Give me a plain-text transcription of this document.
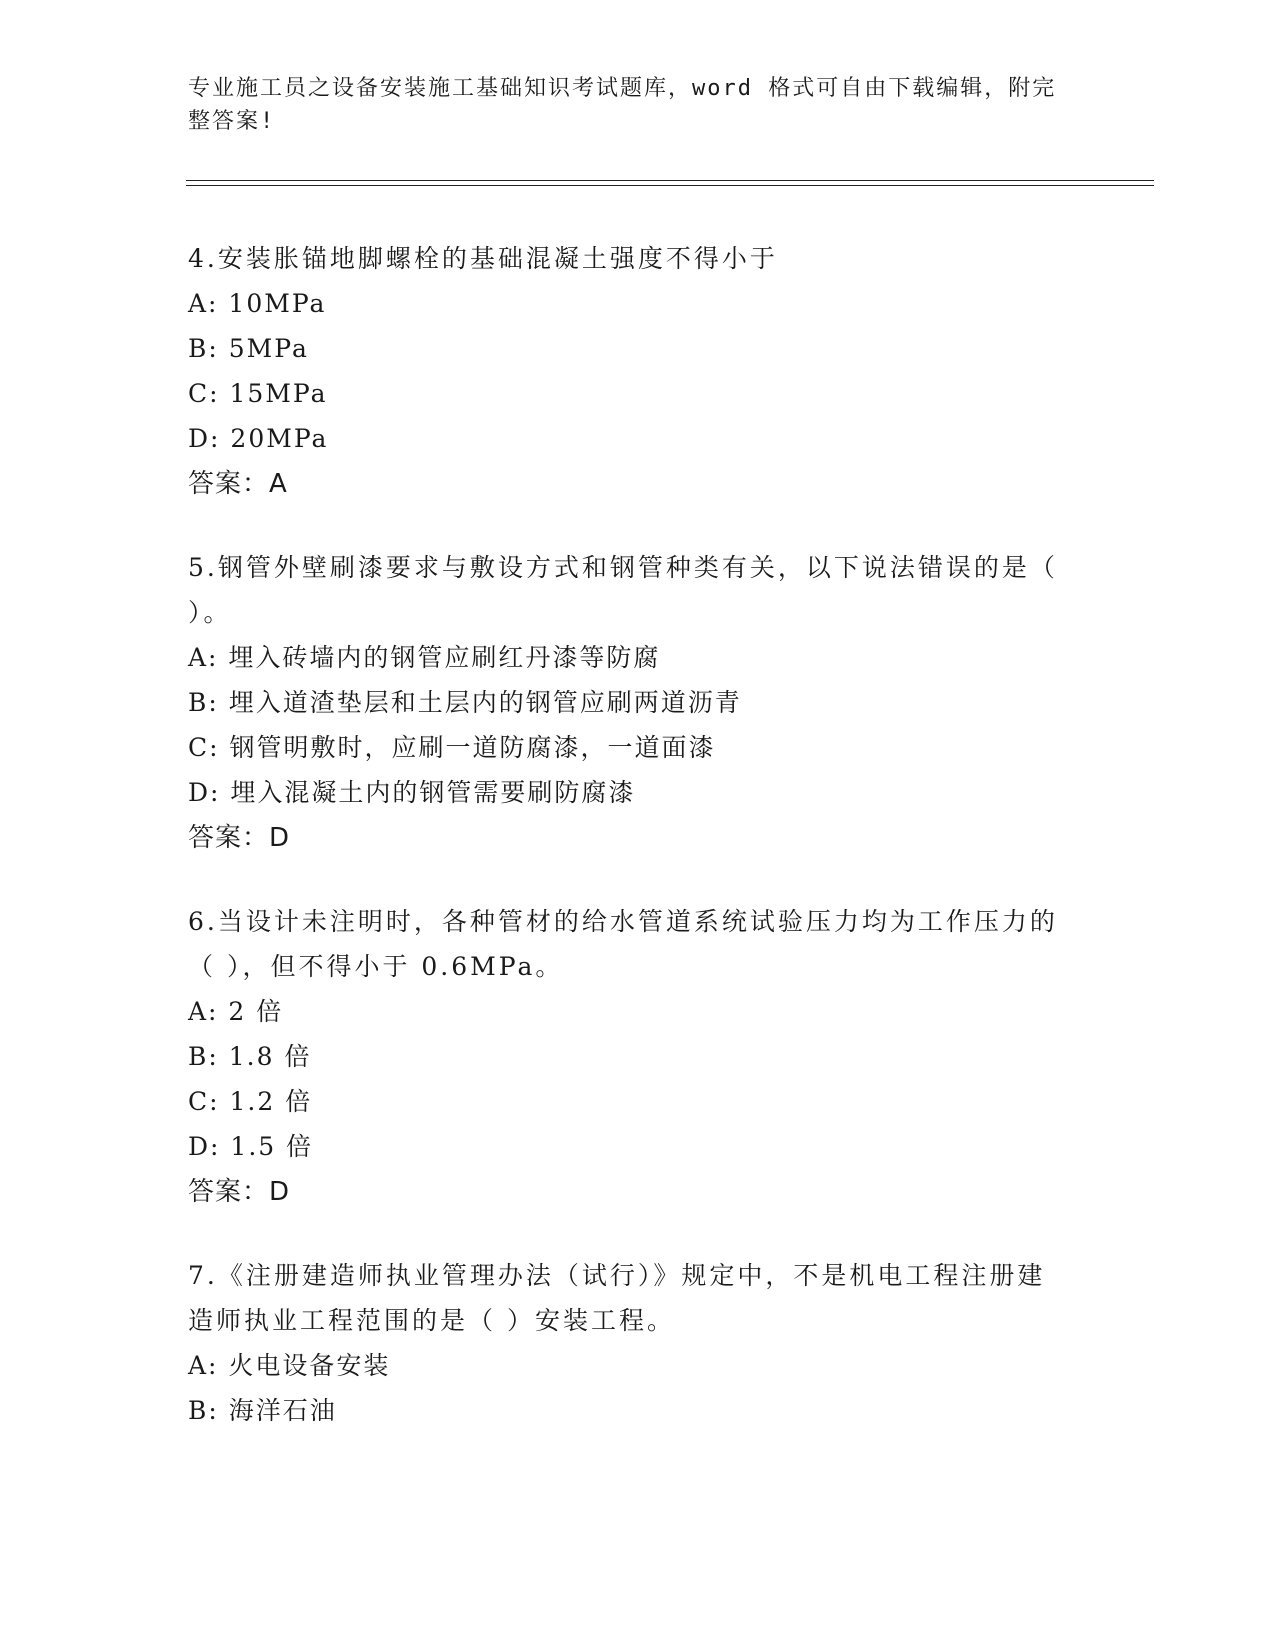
专业施工员之设备安装施工基础知识考试题库，word 格式可自由下载编辑，附完整答案!

4.安装胀锚地脚螺栓的基础混凝土强度不得小于

A: 10MPa

B: 5MPa

C: 15MPa

D: 20MPa

答案：A

5.钢管外壁刷漆要求与敷设方式和钢管种类有关，以下说法错误的是（ ）。

A: 埋入砖墙内的钢管应刷红丹漆等防腐

B: 埋入道渣垫层和土层内的钢管应刷两道沥青

C: 钢管明敷时，应刷一道防腐漆，一道面漆

D: 埋入混凝土内的钢管需要刷防腐漆

答案：D

6.当设计未注明时，各种管材的给水管道系统试验压力均为工作压力的（ ），但不得小于 0.6MPa。

A: 2 倍

B: 1.8 倍

C: 1.2 倍

D: 1.5 倍

答案：D

7.《注册建造师执业管理办法（试行）》规定中，不是机电工程注册建造师执业工程范围的是（ ）安装工程。

A: 火电设备安装

B: 海洋石油
